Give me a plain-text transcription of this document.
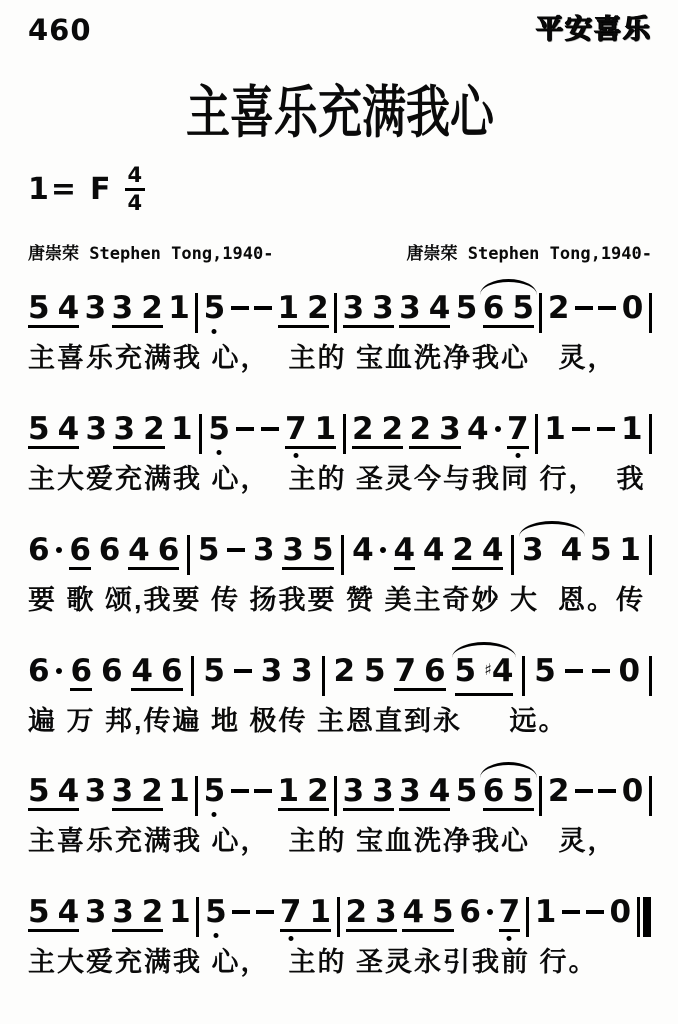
460	平安喜乐
主喜乐充满我心
1= F $\frac{4}{4}$
唐崇荣 Stephen Tong,1940-	唐崇荣 Stephen Tong,1940-
5 4 3 3 2 1 5 1 2 3 3 3 4 5 6 5 2 0
主喜乐充满我 心，  主的 宝血洗净我心   灵，
5 4 3 3 2 1 5 7 1 2 2 2 3 4 7 1 1
主大爱充满我 心，  主的 圣灵今与我同 行，  我
6 6 6 4 6 5 3 3 5 4 4 4 2 4 3 4 5 1
要 歌 颂,我要 传 扬我要 赞 美主奇妙 大  恩。传
6 6 6 4 6 5 3 3 2 5 7 6 5 ♯4 5 0
遍 万 邦,传遍 地 极传 主恩直到永     远。
5 4 3 3 2 1 5 1 2 3 3 3 4 5 6 5 2 0
主喜乐充满我 心，  主的 宝血洗净我心   灵，
5 4 3 3 2 1 5 7 1 2 3 4 5 6 7 1 0
主大爱充满我 心，  主的 圣灵永引我前 行。
